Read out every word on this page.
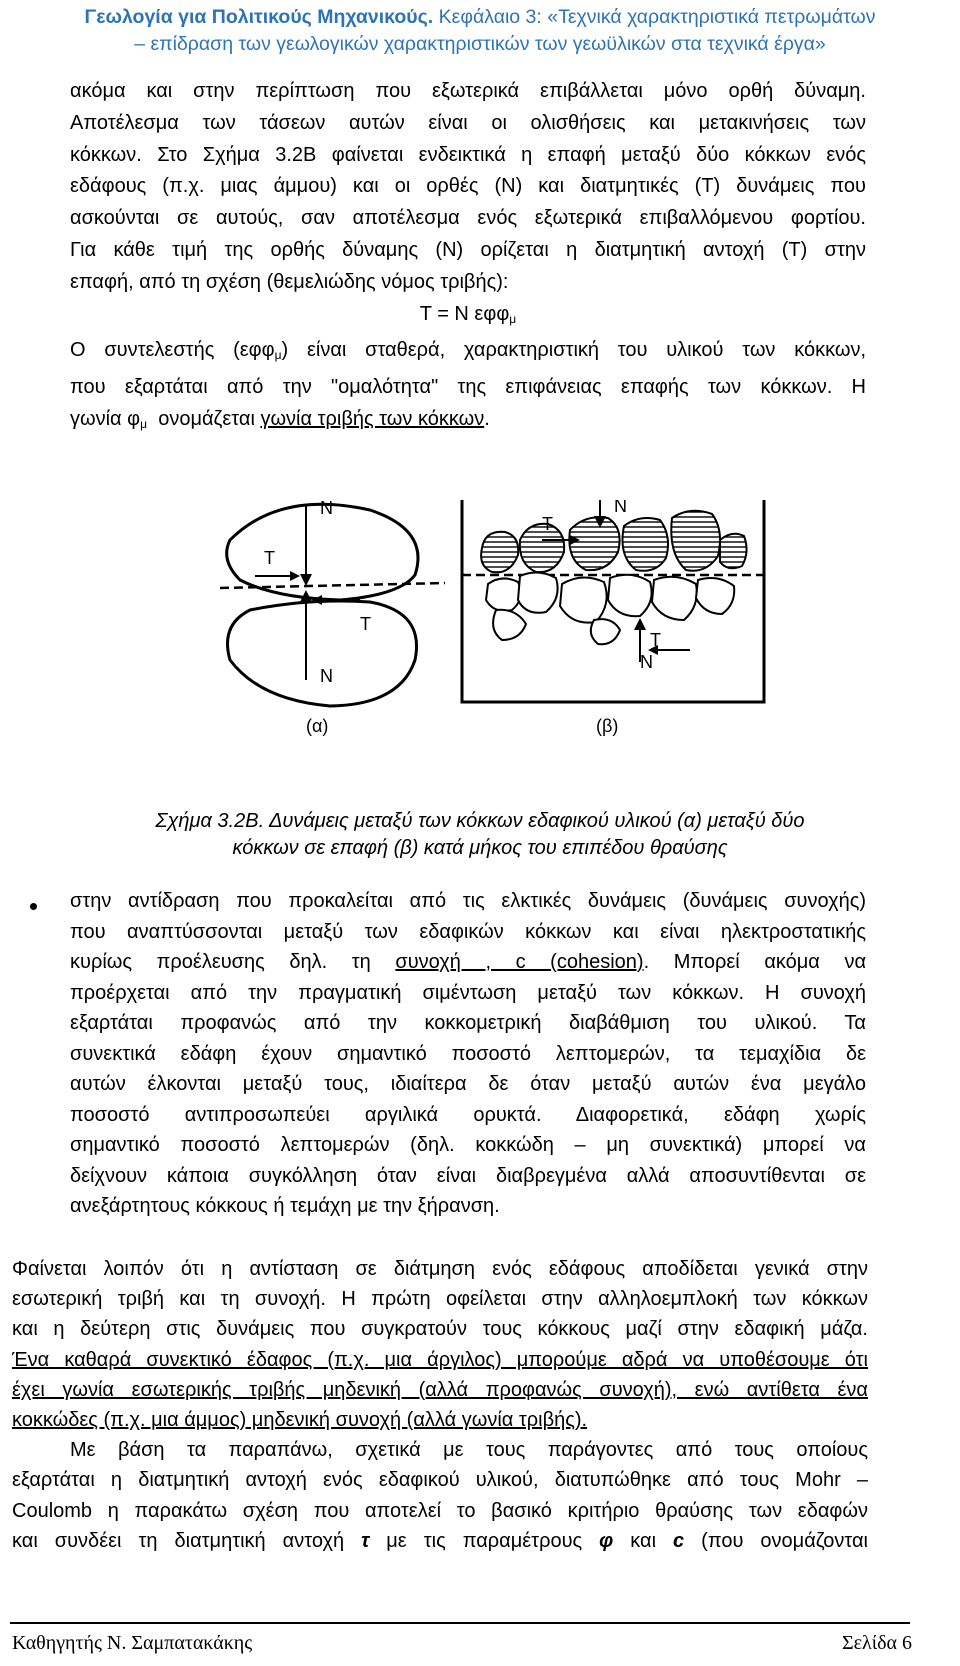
Γεωλογία για Πολιτικούς Μηχανικούς. Κεφάλαιο 3: «Τεχνικά χαρακτηριστικά πετρωμάτων
– επίδραση των γεωλογικών χαρακτηριστικών των γεωϋλικών στα τεχνικά έργα»
ακόμα και στην περίπτωση που εξωτερικά επιβάλλεται μόνο ορθή δύναμη.
Αποτέλεσμα των τάσεων αυτών είναι οι ολισθήσεις και μετακινήσεις των
κόκκων. Στο Σχήμα 3.2Β φαίνεται ενδεικτικά η επαφή μεταξύ δύο κόκκων ενός
εδάφους (π.χ. μιας άμμου) και οι ορθές (Ν) και διατμητικές (Τ) δυνάμεις που
ασκούνται σε αυτούς, σαν αποτέλεσμα ενός εξωτερικά επιβαλλόμενου φορτίου.
Για κάθε τιμή της ορθής δύναμης (Ν) ορίζεται η διατμητική αντοχή (Τ) στην
επαφή, από τη σχέση (θεμελιώδης νόμος τριβής):
Τ = Ν εφφ$_\mu$
Ο συντελεστής (εφφ$_\mu$) είναι σταθερά, χαρακτηριστική του υλικού των κόκκων,
που εξαρτάται από την "ομαλότητα" της επιφάνειας επαφής των κόκκων. Η
γωνία $\varphi_\mu$  ονομάζεται γωνία τριβής των κόκκων.
N
T
T
N
(α)
N
T
T
N
(β)
Σχήμα 3.2Β. Δυνάμεις μεταξύ των κόκκων εδαφικού υλικού (α) μεταξύ δύο
κόκκων σε επαφή (β) κατά μήκος του επιπέδου θραύσης
στην αντίδραση που προκαλείται από τις ελκτικές δυνάμεις (δυνάμεις συνοχής)
που αναπτύσσονται μεταξύ των εδαφικών κόκκων και είναι ηλεκτροστατικής
κυρίως προέλευσης δηλ. τη συνοχή , c (cohesion). Μπορεί ακόμα να
προέρχεται από την πραγματική σιμέντωση μεταξύ των κόκκων. Η συνοχή
εξαρτάται προφανώς από την κοκκομετρική διαβάθμιση του υλικού. Τα
συνεκτικά εδάφη έχουν σημαντικό ποσοστό λεπτομερών, τα τεμαχίδια δε
αυτών έλκονται μεταξύ τους, ιδιαίτερα δε όταν μεταξύ αυτών ένα μεγάλο
ποσοστό αντιπροσωπεύει αργιλικά ορυκτά. Διαφορετικά, εδάφη χωρίς
σημαντικό ποσοστό λεπτομερών (δηλ. κοκκώδη – μη συνεκτικά) μπορεί να
δείχνουν κάποια συγκόλληση όταν είναι διαβρεγμένα αλλά αποσυντίθενται σε
ανεξάρτητους κόκκους ή τεμάχη με την ξήρανση.
Φαίνεται λοιπόν ότι η αντίσταση σε διάτμηση ενός εδάφους αποδίδεται γενικά στην
εσωτερική τριβή και τη συνοχή. Η πρώτη οφείλεται στην αλληλοεμπλοκή των κόκκων
και η δεύτερη στις δυνάμεις που συγκρατούν τους κόκκους μαζί στην εδαφική μάζα.
Ένα καθαρά συνεκτικό έδαφος (π.χ. μια άργιλος) μπορούμε αδρά να υποθέσουμε ότι
έχει γωνία εσωτερικής τριβής μηδενική (αλλά προφανώς συνοχή), ενώ αντίθετα ένα
κοκκώδες (π.χ. μια άμμος) μηδενική συνοχή (αλλά γωνία τριβής).
Με βάση τα παραπάνω, σχετικά με τους παράγοντες από τους οποίους
εξαρτάται η διατμητική αντοχή ενός εδαφικού υλικού, διατυπώθηκε από τους Mohr –
Coulomb η παρακάτω σχέση που αποτελεί το βασικό κριτήριο θραύσης των εδαφών
και συνδέει τη διατμητική αντοχή τ με τις παραμέτρους φ και c (που ονομάζονται
Καθηγητής Ν. Σαμπατακάκης	Σελίδα 6
